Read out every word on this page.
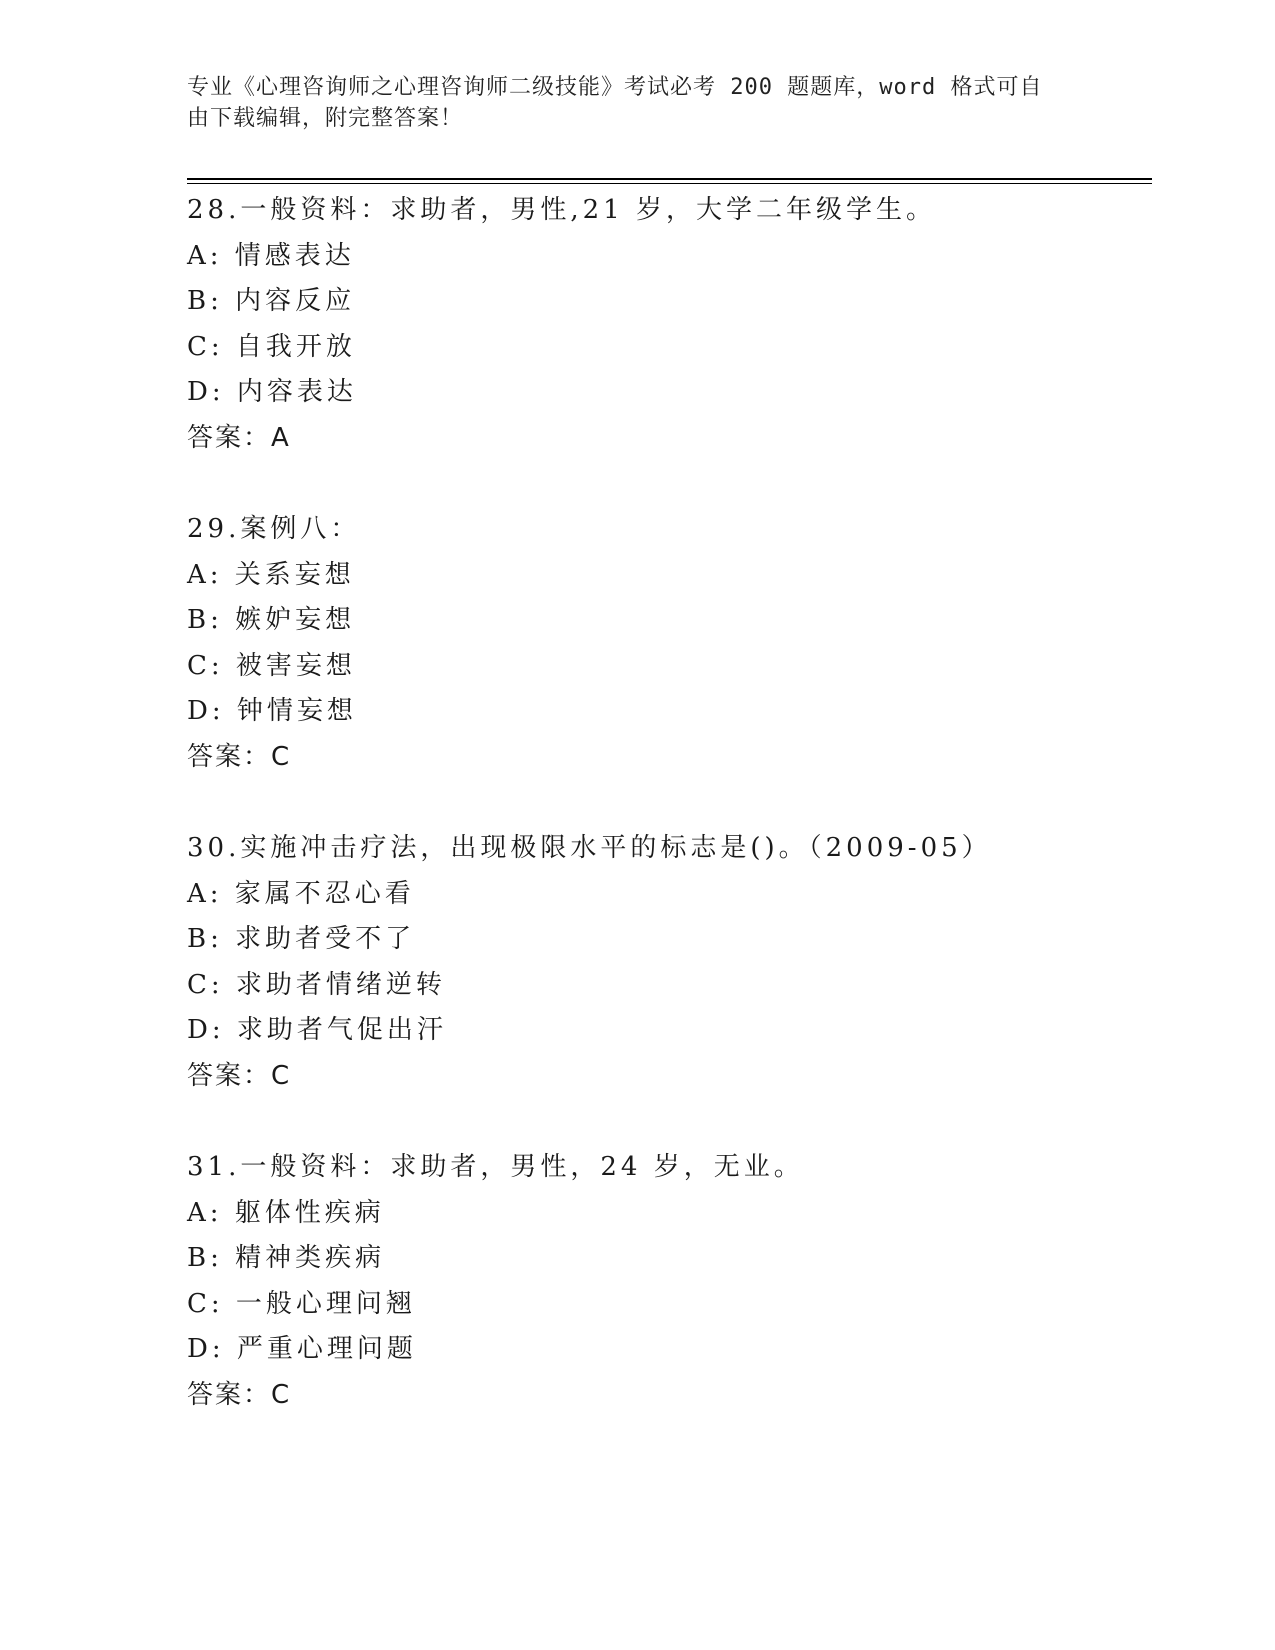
专业《心理咨询师之心理咨询师二级技能》考试必考 200 题题库，word 格式可自
由下载编辑，附完整答案！
28.一般资料：求助者，男性,21 岁，大学二年级学生。
A: 情感表达
B: 内容反应
C: 自我开放
D: 内容表达
答案：A
29.案例八：
A: 关系妄想
B: 嫉妒妄想
C: 被害妄想
D: 钟情妄想
答案：C
30.实施冲击疗法，出现极限水平的标志是()。（2009-05）
A: 家属不忍心看
B: 求助者受不了
C: 求助者情绪逆转
D: 求助者气促出汗
答案：C
31.一般资料：求助者，男性，24 岁，无业。
A: 躯体性疾病
B: 精神类疾病
C: 一般心理问翘
D: 严重心理问题
答案：C
